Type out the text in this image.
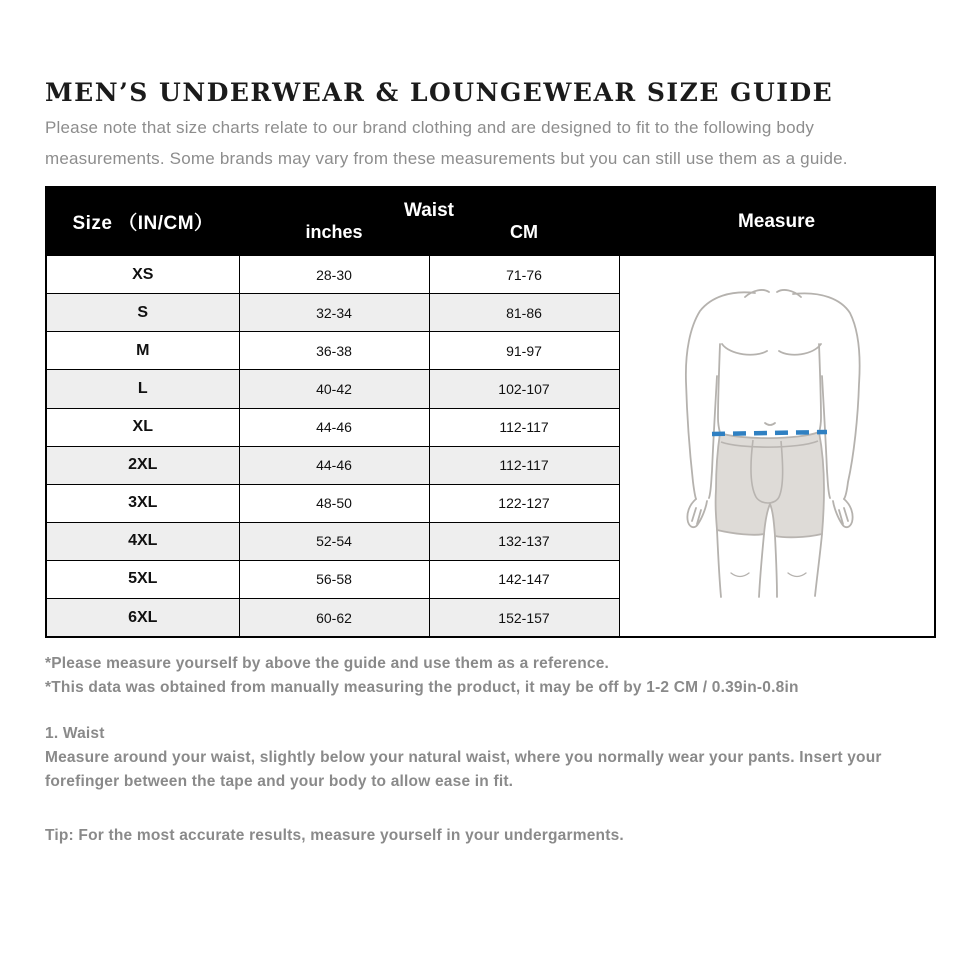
MEN’S UNDERWEAR & LOUNGEWEAR SIZE GUIDE

Please note that size charts relate to our brand clothing and are designed to fit to the following body measurements. Some brands may vary from these measurements but you can still use them as a guide.

Size （IN/CM）	Waist		Measure
	inches	CM	
XS	28-30	71-76	

S	32-34	81-86	
M	36-38	91-97	
L	40-42	102-107	
XL	44-46	112-117	
2XL	44-46	112-117	
3XL	48-50	122-127	
4XL	52-54	132-137	
5XL	56-58	142-147	
6XL	60-62	152-157	

*Please measure yourself by above the guide and use them as a reference.

*This data was obtained from manually measuring the product, it may be off by 1-2 CM / 0.39in-0.8in

1. Waist

Measure around your waist, slightly below your natural waist, where you normally wear your pants. Insert your forefinger between the tape and your body to allow ease in fit.

Tip: For the most accurate results, measure yourself in your undergarments.
